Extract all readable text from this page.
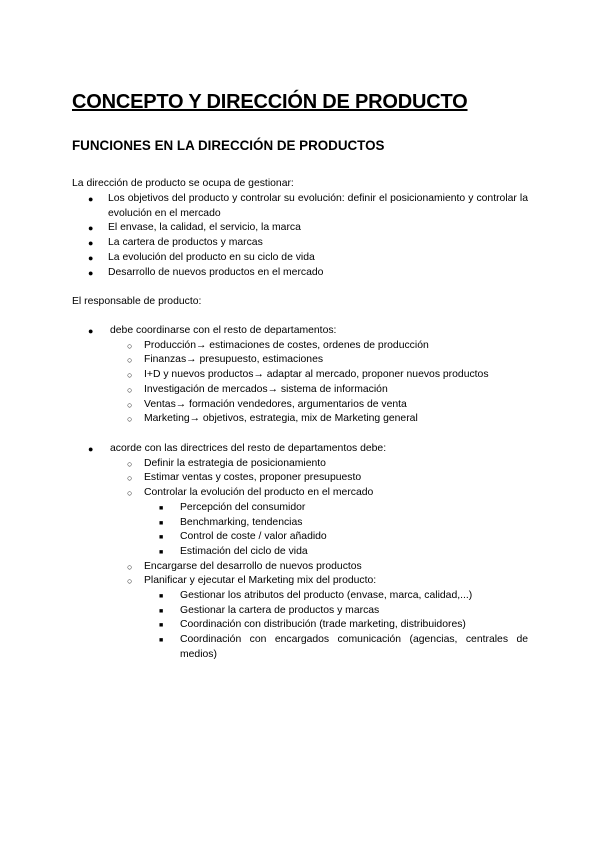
CONCEPTO Y DIRECCIÓN DE PRODUCTO
FUNCIONES EN LA DIRECCIÓN DE PRODUCTOS
La dirección de producto se ocupa de gestionar:
● Los objetivos del producto y controlar su evolución: definir el posicionamiento y controlar la evolución en el mercado
● El envase, la calidad, el servicio, la marca
● La cartera de productos y marcas
● La evolución del producto en su ciclo de vida
● Desarrollo de nuevos productos en el mercado
El responsable de producto:
● debe coordinarse con el resto de departamentos:
○ Producción→ estimaciones de costes, ordenes de producción
○ Finanzas→ presupuesto, estimaciones
○ I+D y nuevos productos→ adaptar al mercado, proponer nuevos productos
○ Investigación de mercados→ sistema de información
○ Ventas→ formación vendedores, argumentarios de venta
○ Marketing→ objetivos, estrategia, mix de Marketing general
● acorde con las directrices del resto de departamentos debe:
○ Definir la estrategia de posicionamiento
○ Estimar ventas y costes, proponer presupuesto
○ Controlar la evolución del producto en el mercado
■ Percepción del consumidor
■ Benchmarking, tendencias
■ Control de coste / valor añadido
■ Estimación del ciclo de vida
○ Encargarse del desarrollo de nuevos productos
○ Planificar y ejecutar el Marketing mix del producto:
■ Gestionar los atributos del producto (envase, marca, calidad,...)
■ Gestionar la cartera de productos y marcas
■ Coordinación con distribución (trade marketing, distribuidores)
■ Coordinación con encargados comunicación (agencias, centrales de medios)
